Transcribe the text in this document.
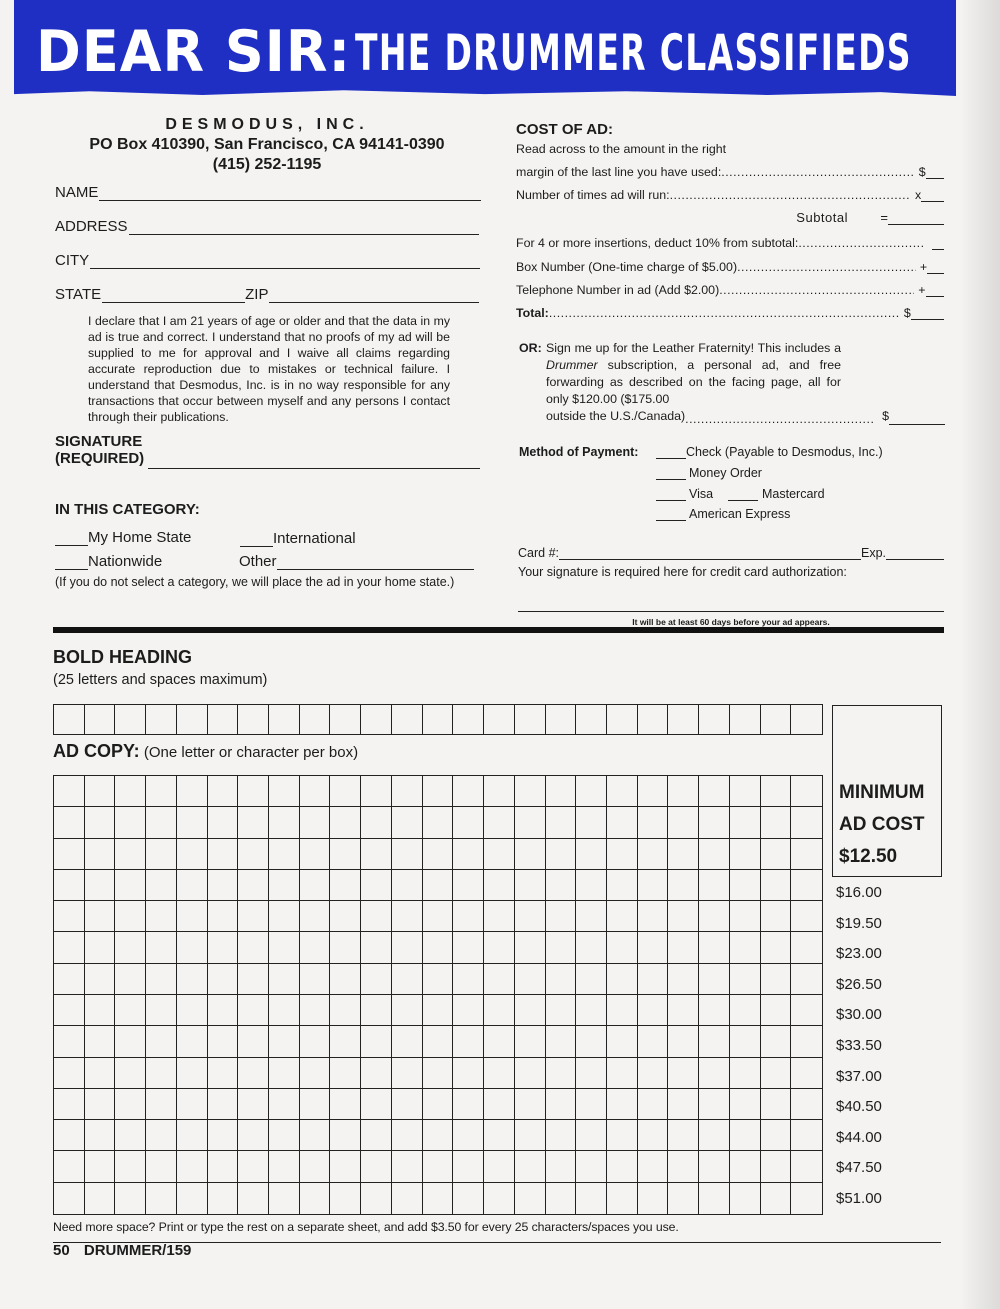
DEAR SIR: THE DRUMMER CLASSIFIEDS
DESMODUS, INC.
PO Box 410390, San Francisco, CA 94141-0390
(415) 252-1195
NAME
ADDRESS
CITY
STATE	ZIP
I declare that I am 21 years of age or older and that the data in my ad is true and correct. I understand that no proofs of my ad will be supplied to me for approval and I waive all claims regarding accurate reproduction due to mistakes or technical failure. I understand that Desmodus, Inc. is in no way responsible for any transactions that occur between myself and any persons I contact through their publications.
SIGNATURE
(REQUIRED)
IN THIS CATEGORY:
My Home State	International
Nationwide	Other
(If you do not select a category, we will place the ad in your home state.)
COST OF AD:
Read across to the amount in the right
margin of the last line you have used: .....	$
Number of times ad will run: .....	x
Subtotal	=
For 4 or more insertions, deduct 10% from subtotal:
.....
Box Number (One-time charge of $5.00) .....	+
Telephone Number in ad (Add $2.00) .....	+
Total: .....	$
OR: Sign me up for the Leather Fraternity! This includes a Drummer subscription, a personal ad, and free forwarding as described on the facing page, all for only $120.00 ($175.00
outside the U.S./Canada) .....	$
Method of Payment:	Check (Payable to Desmodus, Inc.)
Money Order
Visa	Mastercard
American Express
Card #:	Exp.
Your signature is required here for credit card authorization:
It will be at least 60 days before your ad appears.
BOLD HEADING
(25 letters and spaces maximum)
AD COPY: (One letter or character per box)
MINIMUM
AD COST
$12.50
$16.00
$19.50
$23.00
$26.50
$30.00
$33.50
$37.00
$40.50
$44.00
$47.50
$51.00
Need more space? Print or type the rest on a separate sheet, and add $3.50 for every 25 characters/spaces you use.
50 DRUMMER/159
